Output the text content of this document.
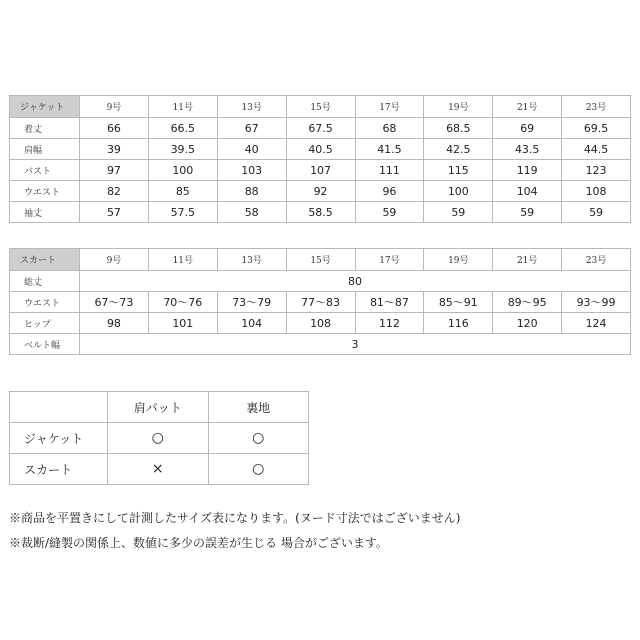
ジャケット	9号	11号	13号	15号	17号	19号	21号	23号
着丈	66	66.5	67	67.5	68	68.5	69	69.5
肩幅	39	39.5	40	40.5	41.5	42.5	43.5	44.5
バスト	97	100	103	107	111	115	119	123
ウエスト	82	85	88	92	96	100	104	108
袖丈	57	57.5	58	58.5	59	59	59	59
スカート	9号	11号	13号	15号	17号	19号	21号	23号
総丈	80							
ウエスト	67～73	70～76	73～79	77～83	81～87	85～91	89～95	93～99
ヒップ	98	101	104	108	112	116	120	124
ベルト幅	3							
	肩パット	裏地
ジャケット	○	○
スカート	×	○
※商品を平置きにして計測したサイズ表になります。(ヌード寸法ではございません)
※裁断/縫製の関係上、数値に多少の誤差が生じる 場合がございます。
